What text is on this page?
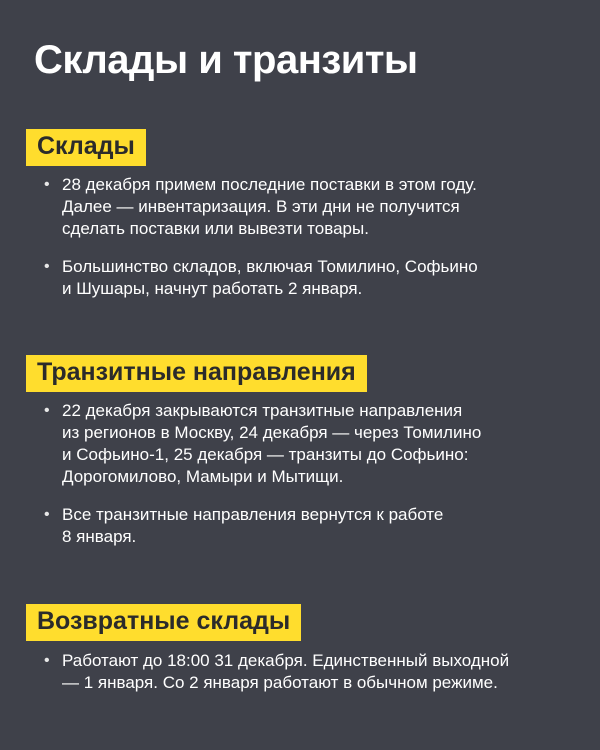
Склады и транзиты
Склады
• 28 декабря примем последние поставки в этом году.
Далее — инвентаризация. В эти дни не получится
сделать поставки или вывезти товары.
• Большинство складов, включая Томилино, Софьино
и Шушары, начнут работать 2 января.
Транзитные направления
• 22 декабря закрываются транзитные направления
из регионов в Москву, 24 декабря — через Томилино
и Софьино-1, 25 декабря — транзиты до Софьино:
Дорогомилово, Мамыри и Мытищи.
• Все транзитные направления вернутся к работе
8 января.
Возвратные склады
• Работают до 18:00 31 декабря. Единственный выходной
— 1 января. Со 2 января работают в обычном режиме.
